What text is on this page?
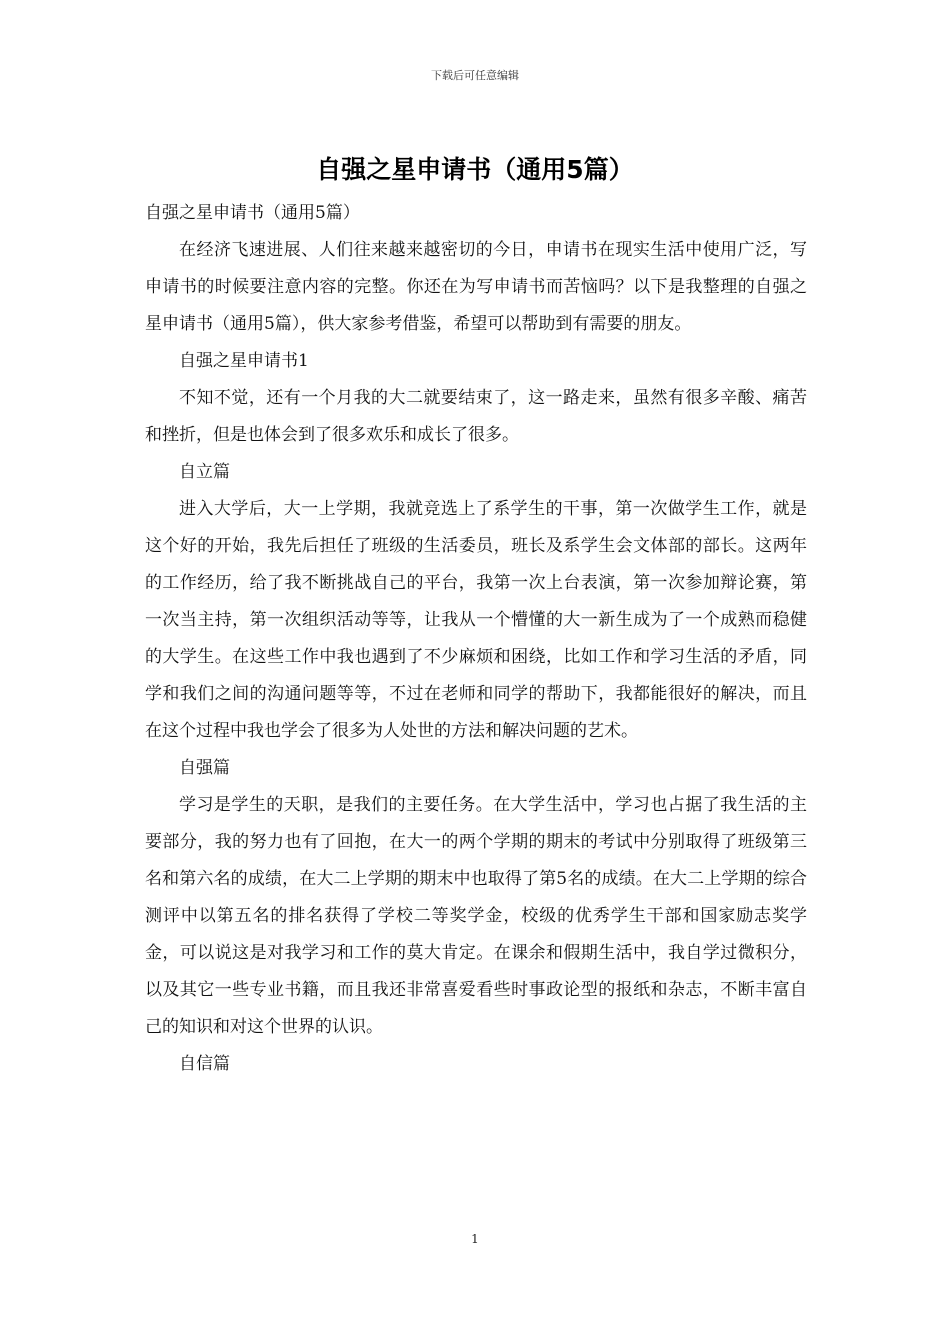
下载后可任意编辑
自强之星申请书（通用5篇）

自强之星申请书（通用5篇）

在经济飞速进展、人们往来越来越密切的今日，申请书在现实生活中使用广泛，写申请书的时候要注意内容的完整。你还在为写申请书而苦恼吗？以下是我整理的自强之星申请书（通用5篇），供大家参考借鉴，希望可以帮助到有需要的朋友。

自强之星申请书1

不知不觉，还有一个月我的大二就要结束了，这一路走来，虽然有很多辛酸、痛苦和挫折，但是也体会到了很多欢乐和成长了很多。

自立篇

进入大学后，大一上学期，我就竞选上了系学生的干事，第一次做学生工作，就是这个好的开始，我先后担任了班级的生活委员，班长及系学生会文体部的部长。这两年的工作经历，给了我不断挑战自己的平台，我第一次上台表演，第一次参加辩论赛，第一次当主持，第一次组织活动等等，让我从一个懵懂的大一新生成为了一个成熟而稳健的大学生。在这些工作中我也遇到了不少麻烦和困绕，比如工作和学习生活的矛盾，同学和我们之间的沟通问题等等，不过在老师和同学的帮助下，我都能很好的解决，而且在这个过程中我也学会了很多为人处世的方法和解决问题的艺术。

自强篇

学习是学生的天职，是我们的主要任务。在大学生活中，学习也占据了我生活的主要部分，我的努力也有了回抱，在大一的两个学期的期末的考试中分别取得了班级第三名和第六名的成绩，在大二上学期的期末中也取得了第5名的成绩。在大二上学期的综合测评中以第五名的排名获得了学校二等奖学金，校级的优秀学生干部和国家励志奖学金，可以说这是对我学习和工作的莫大肯定。在课余和假期生活中，我自学过微积分，以及其它一些专业书籍，而且我还非常喜爱看些时事政论型的报纸和杂志，不断丰富自己的知识和对这个世界的认识。

自信篇

1
